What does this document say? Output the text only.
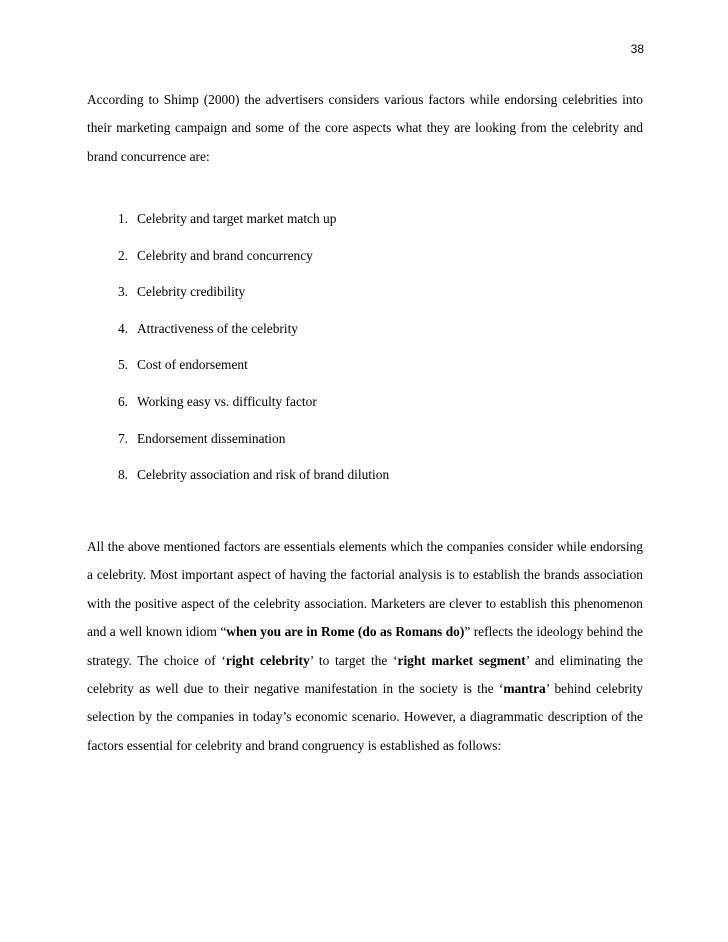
38

According to Shimp (2000) the advertisers considers various factors while endorsing celebrities into their marketing campaign and some of the core aspects what they are looking from the celebrity and brand concurrence are:

1. Celebrity and target market match up
2. Celebrity and brand concurrency
3. Celebrity credibility
4. Attractiveness of the celebrity
5. Cost of endorsement
6. Working easy vs. difficulty factor
7. Endorsement dissemination
8. Celebrity association and risk of brand dilution

All the above mentioned factors are essentials elements which the companies consider while endorsing a celebrity. Most important aspect of having the factorial analysis is to establish the brands association with the positive aspect of the celebrity association. Marketers are clever to establish this phenomenon and a well known idiom “when you are in Rome (do as Romans do)” reflects the ideology behind the strategy. The choice of ‘right celebrity’ to target the ‘right market segment’ and eliminating the celebrity as well due to their negative manifestation in the society is the ‘mantra’ behind celebrity selection by the companies in today’s economic scenario. However, a diagrammatic description of the factors essential for celebrity and brand congruency is established as follows:
